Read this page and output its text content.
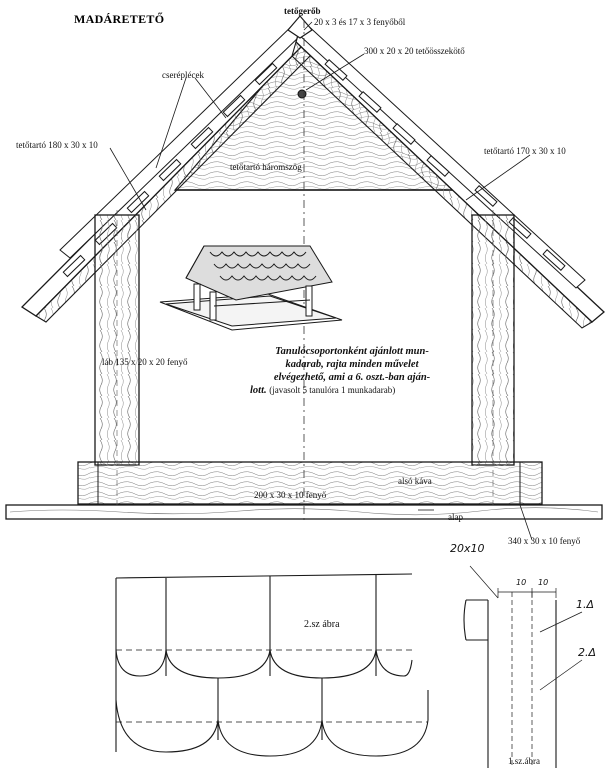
MADÁRETETŐ
tetőgerőb
20 x 3 és 17 x 3 fenyőből
300 x 20 x 20 tetőösszekötő
cseréplécek
tetőtartó 180 x 30 x 10
tetőtartó 170 x 30 x 10
tetőtartó háromszög
láb 135 x 20 x 20 fenyő
alsó káva
200 x 30 x 10 fenyő
alap
340 x 30 x 10 fenyő
Tanulócsoportonként ajánlott mun-
kadarab, rajta minden művelet
elvégezhető, ami a 6. oszt.-ban aján-
lott. (javasolt 5 tanulóra 1 munkadarab)
2.sz ábra
20x10
10 10
1.Δ
2.Δ
1.sz.ábra
